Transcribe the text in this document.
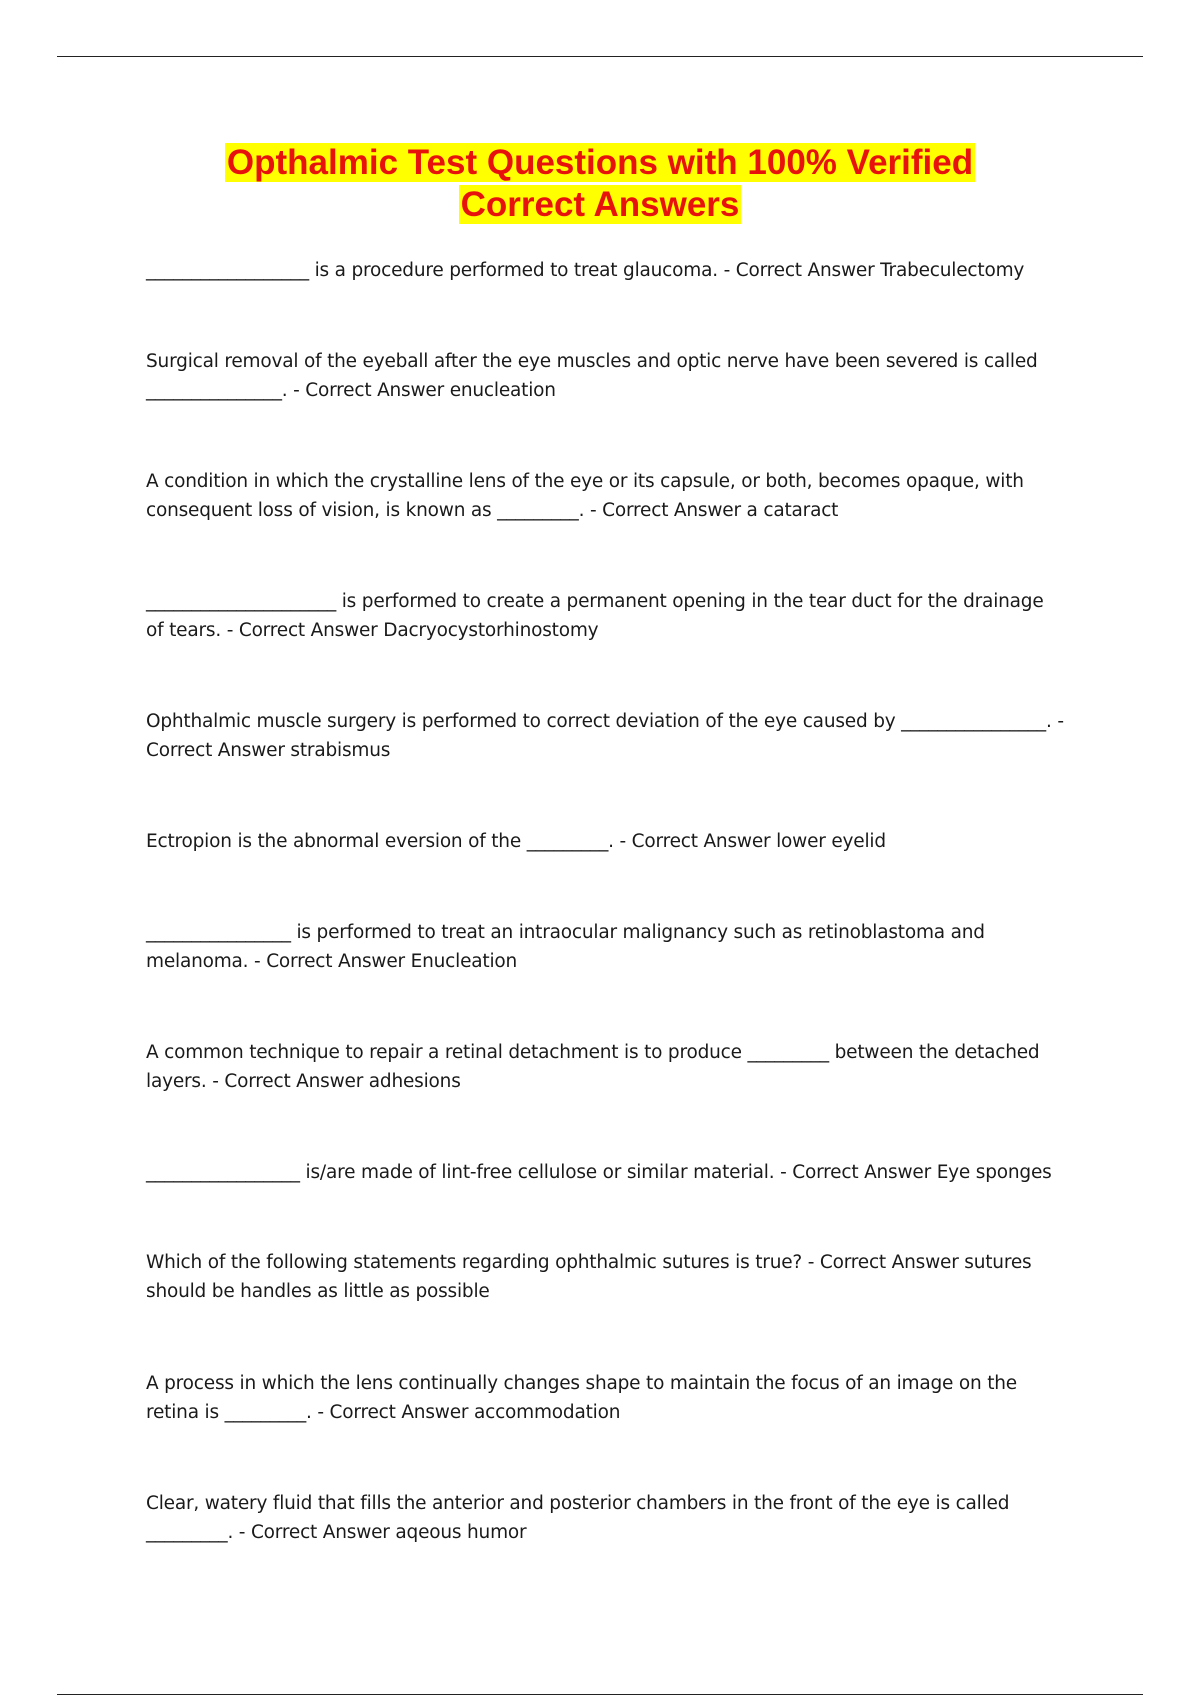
Opthalmic Test Questions with 100% Verified
Correct Answers
__________________ is a procedure performed to treat glaucoma. - Correct Answer Trabeculectomy
Surgical removal of the eyeball after the eye muscles and optic nerve have been severed is called _______________. - Correct Answer enucleation
A condition in which the crystalline lens of the eye or its capsule, or both, becomes opaque, with consequent loss of vision, is known as _________. - Correct Answer a cataract
_____________________ is performed to create a permanent opening in the tear duct for the drainage of tears. - Correct Answer Dacryocystorhinostomy
Ophthalmic muscle surgery is performed to correct deviation of the eye caused by ________________. - Correct Answer strabismus
Ectropion is the abnormal eversion of the _________. - Correct Answer lower eyelid
________________ is performed to treat an intraocular malignancy such as retinoblastoma and melanoma. - Correct Answer Enucleation
A common technique to repair a retinal detachment is to produce _________ between the detached layers. - Correct Answer adhesions
_________________ is/are made of lint-free cellulose or similar material. - Correct Answer Eye sponges
Which of the following statements regarding ophthalmic sutures is true? - Correct Answer sutures should be handles as little as possible
A process in which the lens continually changes shape to maintain the focus of an image on the retina is _________. - Correct Answer accommodation
Clear, watery fluid that fills the anterior and posterior chambers in the front of the eye is called _________. - Correct Answer aqeous humor
